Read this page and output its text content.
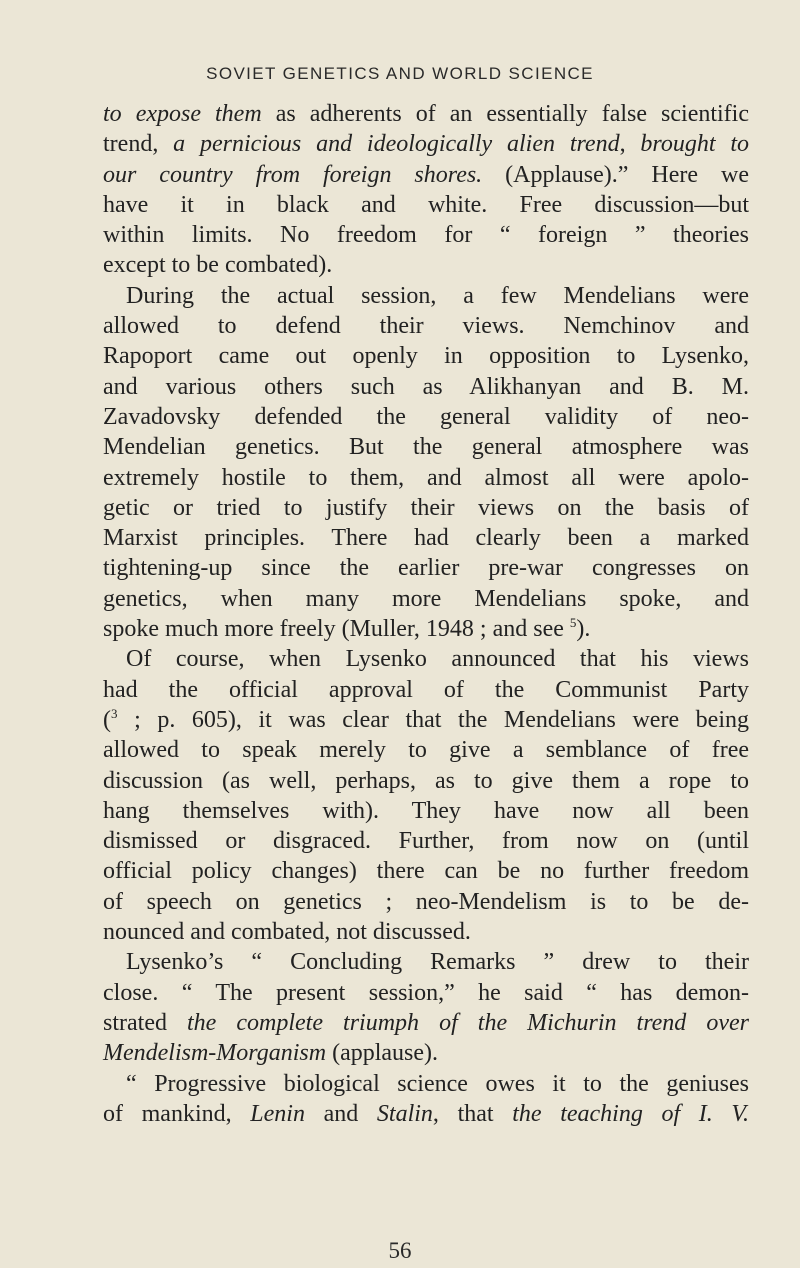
SOVIET GENETICS AND WORLD SCIENCE
to expose them as adherents of an essentially false scientific
trend, a pernicious and ideologically alien trend, brought to
our country from foreign shores. (Applause).” Here we
have it in black and white. Free discussion—but
within limits. No freedom for “ foreign ” theories
except to be combated).
During the actual session, a few Mendelians were
allowed to defend their views. Nemchinov and
Rapoport came out openly in opposition to Lysenko,
and various others such as Alikhanyan and B. M.
Zavadovsky defended the general validity of neo-
Mendelian genetics. But the general atmosphere was
extremely hostile to them, and almost all were apolo-
getic or tried to justify their views on the basis of
Marxist principles. There had clearly been a marked
tightening-up since the earlier pre-war congresses on
genetics, when many more Mendelians spoke, and
spoke much more freely (Muller, 1948 ; and see $^5$).
Of course, when Lysenko announced that his views
had the official approval of the Communist Party
($^3$ ; p. 605), it was clear that the Mendelians were being
allowed to speak merely to give a semblance of free
discussion (as well, perhaps, as to give them a rope to
hang themselves with). They have now all been
dismissed or disgraced. Further, from now on (until
official policy changes) there can be no further freedom
of speech on genetics ; neo-Mendelism is to be de-
nounced and combated, not discussed.
Lysenko’s “ Concluding Remarks ” drew to their
close. “ The present session,” he said “ has demon-
strated the complete triumph of the Michurin trend over
Mendelism-Morganism (applause).
“ Progressive biological science owes it to the geniuses
of mankind, Lenin and Stalin, that the teaching of I. V.
56
